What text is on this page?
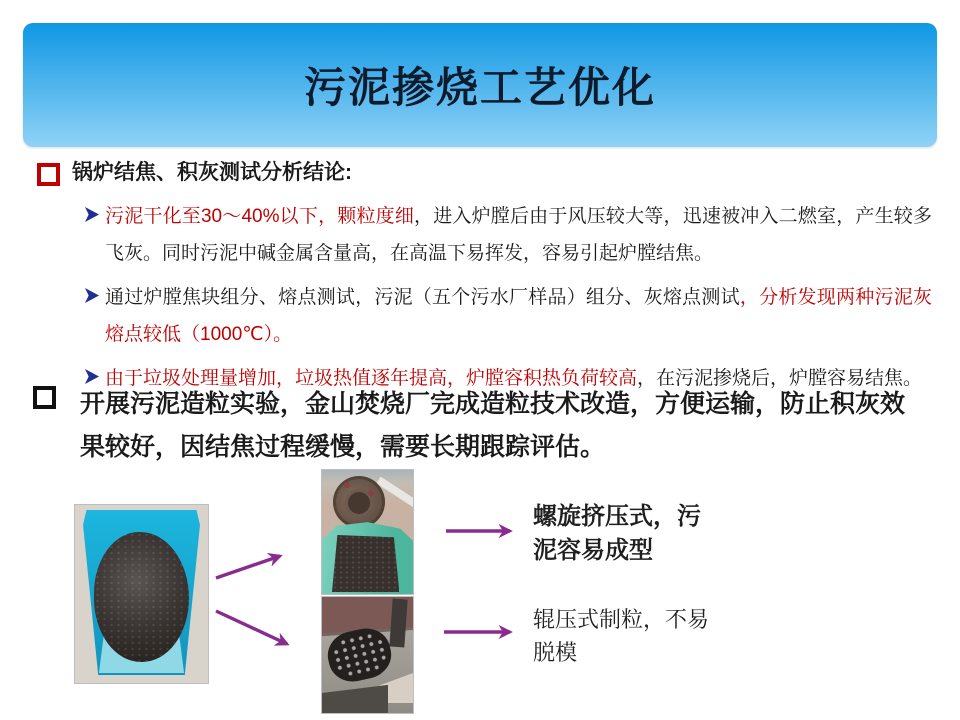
污泥掺烧工艺优化
锅炉结焦、积灰测试分析结论:
污泥干化至30～40%以下，颗粒度细，进入炉膛后由于风压较大等，迅速被冲入二燃室，产生较多飞灰。同时污泥中碱金属含量高，在高温下易挥发，容易引起炉膛结焦。
通过炉膛焦块组分、熔点测试，污泥（五个污水厂样品）组分、灰熔点测试，分析发现两种污泥灰熔点较低（1000℃）。
由于垃圾处理量增加，垃圾热值逐年提高，炉膛容积热负荷较高，在污泥掺烧后，炉膛容易结焦。
开展污泥造粒实验，金山焚烧厂完成造粒技术改造，方便运输，防止积灰效果较好，因结焦过程缓慢，需要长期跟踪评估。
螺旋挤压式，污泥容易成型
辊压式制粒，不易脱模
